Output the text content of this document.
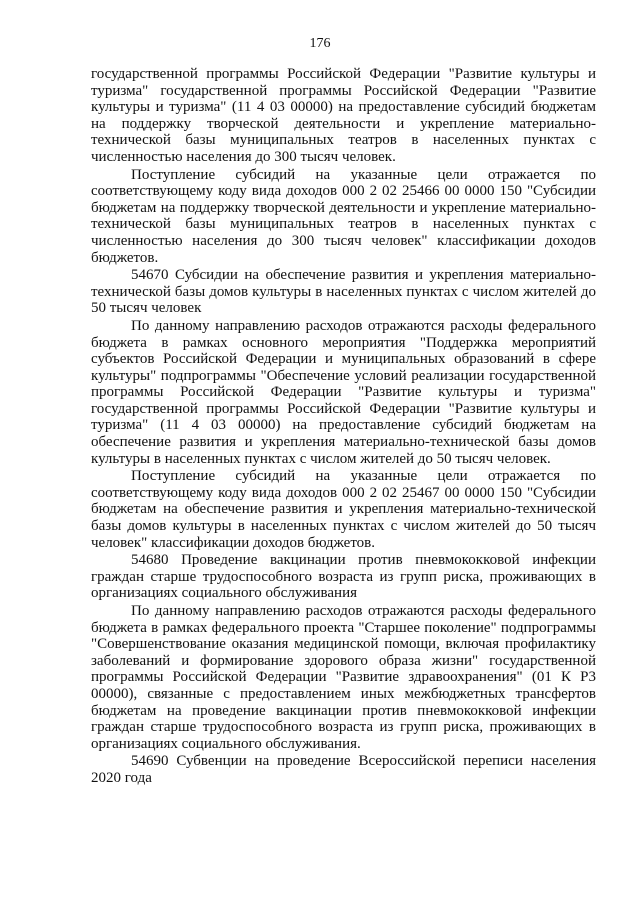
176

государственной программы Российской Федерации "Развитие культуры и туризма" государственной программы Российской Федерации "Развитие культуры и туризма" (11 4 03 00000) на предоставление субсидий бюджетам на поддержку творческой деятельности и укрепление материально-технической базы муниципальных театров в населенных пунктах с численностью населения до 300 тысяч человек.

Поступление субсидий на указанные цели отражается по соответствующему коду вида доходов 000 2 02 25466 00 0000 150 "Субсидии бюджетам на поддержку творческой деятельности и укрепление материально-технической базы муниципальных театров в населенных пунктах с численностью населения до 300 тысяч человек" классификации доходов бюджетов.

54670 Субсидии на обеспечение развития и укрепления материально-технической базы домов культуры в населенных пунктах с числом жителей до 50 тысяч человек

По данному направлению расходов отражаются расходы федерального бюджета в рамках основного мероприятия "Поддержка мероприятий субъектов Российской Федерации и муниципальных образований в сфере культуры" подпрограммы "Обеспечение условий реализации государственной программы Российской Федерации "Развитие культуры и туризма" государственной программы Российской Федерации "Развитие культуры и туризма" (11 4 03 00000) на предоставление субсидий бюджетам на обеспечение развития и укрепления материально-технической базы домов культуры в населенных пунктах с числом жителей до 50 тысяч человек.

Поступление субсидий на указанные цели отражается по соответствующему коду вида доходов 000 2 02 25467 00 0000 150 "Субсидии бюджетам на обеспечение развития и укрепления материально-технической базы домов культуры в населенных пунктах с числом жителей до 50 тысяч человек" классификации доходов бюджетов.

54680 Проведение вакцинации против пневмококковой инфекции граждан старше трудоспособного возраста из групп риска, проживающих в организациях социального обслуживания

По данному направлению расходов отражаются расходы федерального бюджета в рамках федерального проекта "Старшее поколение" подпрограммы "Совершенствование оказания медицинской помощи, включая профилактику заболеваний и формирование здорового образа жизни" государственной программы Российской Федерации "Развитие здравоохранения" (01 К Р3 00000), связанные с предоставлением иных межбюджетных трансфертов бюджетам на проведение вакцинации против пневмококковой инфекции граждан старше трудоспособного возраста из групп риска, проживающих в организациях социального обслуживания.

54690 Субвенции на проведение Всероссийской переписи населения 2020 года
